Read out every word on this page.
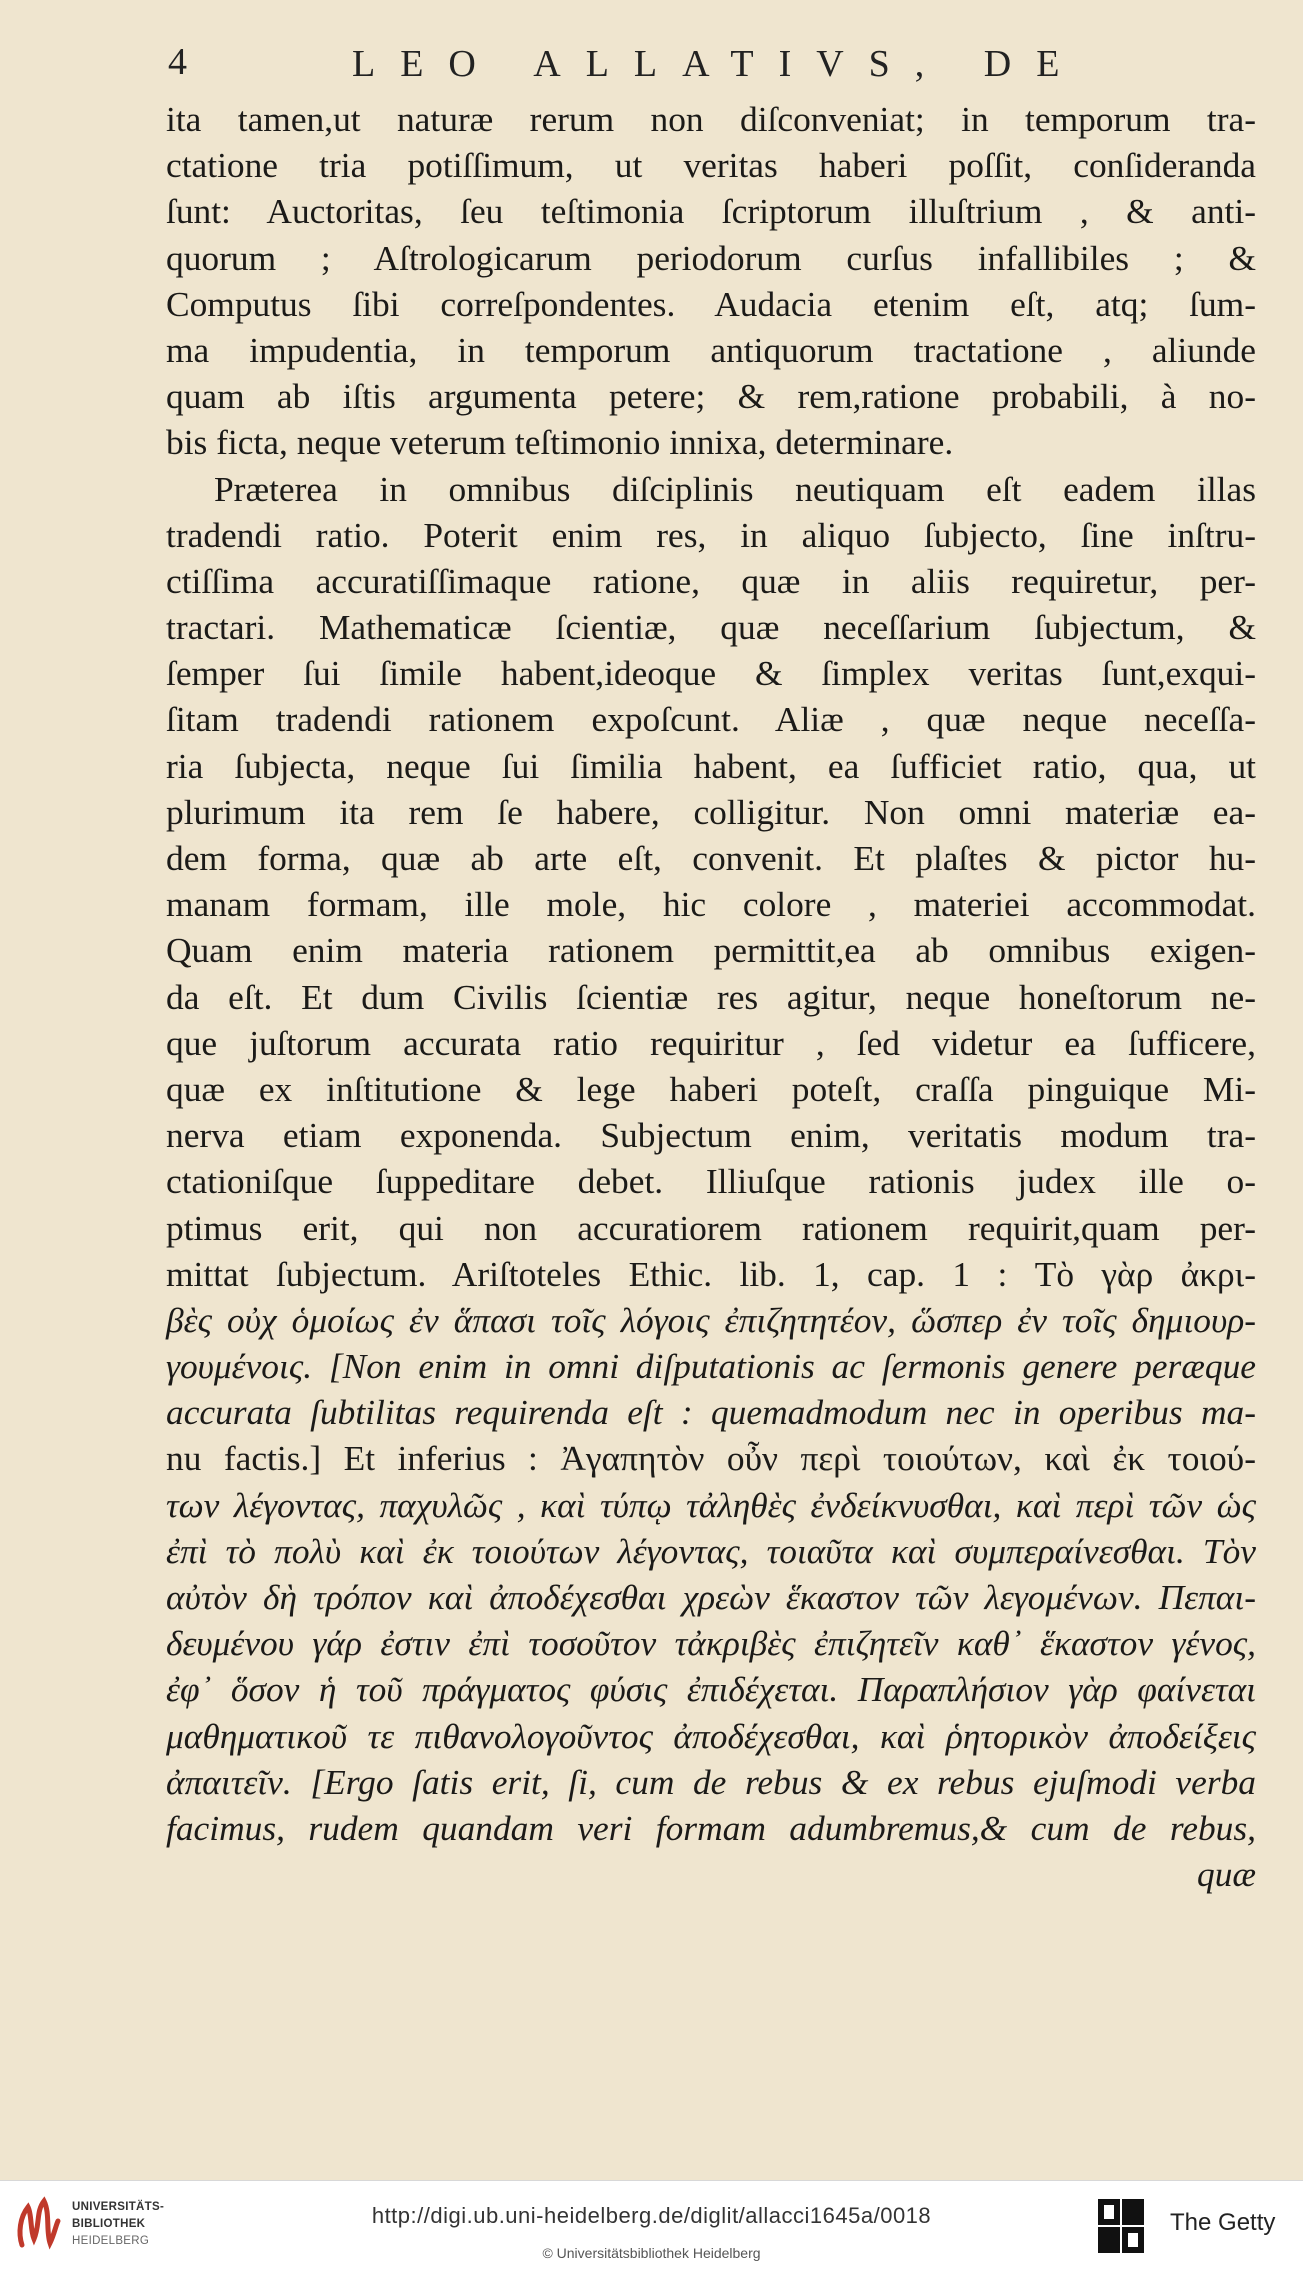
4	LEO ALLATIVS, DE
ita tamen,ut naturæ rerum non diſconveniat; in temporum tra-
ctatione tria potiſſimum, ut veritas haberi poſſit, conſideranda
ſunt: Auctoritas, ſeu teſtimonia ſcriptorum illuſtrium , & anti-
quorum ; Aſtrologicarum periodorum curſus infallibiles ; &
Computus ſibi correſpondentes. Audacia etenim eſt, atq; ſum-
ma impudentia, in temporum antiquorum tractatione , aliunde
quam ab iſtis argumenta petere; & rem,ratione probabili, à no-
bis ficta, neque veterum teſtimonio innixa, determinare.
Præterea in omnibus diſciplinis neutiquam eſt eadem illas
tradendi ratio. Poterit enim res, in aliquo ſubjecto, ſine inſtru-
ctiſſima accuratiſſimaque ratione, quæ in aliis requiretur, per-
tractari. Mathematicæ ſcientiæ, quæ neceſſarium ſubjectum, &
ſemper ſui ſimile habent,ideoque & ſimplex veritas ſunt,exqui-
ſitam tradendi rationem expoſcunt. Aliæ , quæ neque neceſſa-
ria ſubjecta, neque ſui ſimilia habent, ea ſufficiet ratio, qua, ut
plurimum ita rem ſe habere, colligitur. Non omni materiæ ea-
dem forma, quæ ab arte eſt, convenit. Et plaſtes & pictor hu-
manam formam, ille mole, hic colore , materiei accommodat.
Quam enim materia rationem permittit,ea ab omnibus exigen-
da eſt. Et dum Civilis ſcientiæ res agitur, neque honeſtorum ne-
que juſtorum accurata ratio requiritur , ſed videtur ea ſufficere,
quæ ex inſtitutione & lege haberi poteſt, craſſa pinguique Mi-
nerva etiam exponenda. Subjectum enim, veritatis modum tra-
ctationiſque ſuppeditare debet. Illiuſque rationis judex ille o-
ptimus erit, qui non accuratiorem rationem requirit,quam per-
mittat ſubjectum. Ariſtoteles Ethic. lib. 1, cap. 1 : Τὸ γὰρ ἀκρι-
βὲς οὐχ ὁμοίως ἐν ἅπασι τοῖς λόγοις ἐπιζητητέον, ὥσπερ ἐν τοῖς δημιουρ-
γουμένοις. [Non enim in omni diſputationis ac ſermonis genere peræque
accurata ſubtilitas requirenda eſt : quemadmodum nec in operibus ma-
nu factis.] Et inferius : Ἀγαπητὸν οὖν περὶ τοιούτων, καὶ ἐκ τοιού-
των λέγοντας, παχυλῶς , καὶ τύπῳ τἀληθὲς ἐνδείκνυσθαι, καὶ περὶ τῶν ὡς
ἐπὶ τὸ πολὺ καὶ ἐκ τοιούτων λέγοντας, τοιαῦτα καὶ συμπεραίνεσθαι. Τὸν
αὐτὸν δὴ τρόπον καὶ ἀποδέχεσθαι χρεὼν ἕκαστον τῶν λεγομένων. Πεπαι-
δευμένου γάρ ἐστιν ἐπὶ τοσοῦτον τἀκριβὲς ἐπιζητεῖν καθ᾽ ἕκαστον γένος,
ἐφ᾽ ὅσον ἡ τοῦ πράγματος φύσις ἐπιδέχεται. Παραπλήσιον γὰρ φαίνεται
μαθηματικοῦ τε πιθανολογοῦντος ἀποδέχεσθαι, καὶ ῥητορικὸν ἀποδείξεις
ἀπαιτεῖν. [Ergo ſatis erit, ſi, cum de rebus & ex rebus ejuſmodi verba
facimus, rudem quandam veri formam adumbremus,& cum de rebus,
quæ
UNIVERSITÄTS-
BIBLIOTHEK
HEIDELBERG
http://digi.ub.uni-heidelberg.de/diglit/allacci1645a/0018
© Universitätsbibliothek Heidelberg
The Getty
